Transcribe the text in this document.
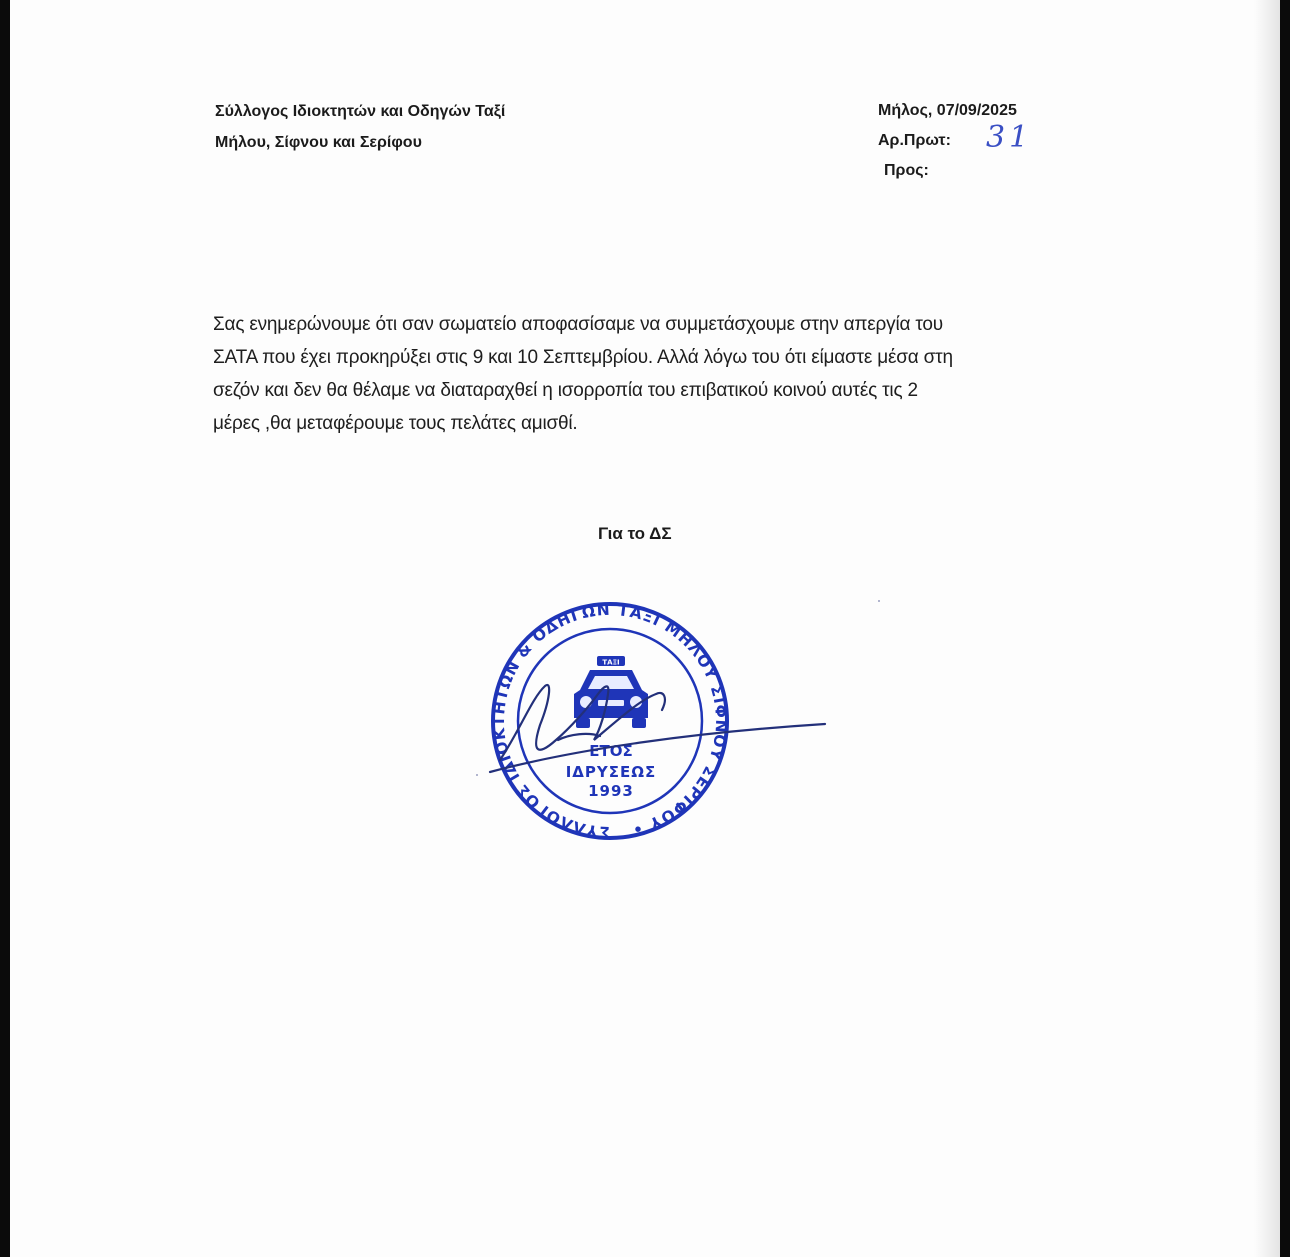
Σύλλογος Ιδιοκτητών και Οδηγών Ταξί
Μήλου, Σίφνου και Σερίφου
Μήλος, 07/09/2025
Αρ.Πρωτ: 31
Προς:
Σας ενημερώνουμε ότι σαν σωματείο αποφασίσαμε να συμμετάσχουμε στην απεργία του
ΣΑΤΑ που έχει προκηρύξει στις 9 και 10 Σεπτεμβρίου. Αλλά λόγω του ότι είμαστε μέσα στη
σεζόν και δεν θα θέλαμε να διαταραχθεί η ισορροπία του επιβατικού κοινού αυτές τις 2
μέρες ,θα μεταφέρουμε τους πελάτες αμισθί.
Για το ΔΣ
ΣΥΛΛΟΓΟΣ ΙΔΙΟΚΤΗΤΩΝ & ΟΔΗΓΩΝ ΤΑΞΙ ΜΗΛΟΥ ΣΙΦΝΟΥ ΣΕΡΙΦΟΥ •
ΤΑΞΙ
ΕΤΟΣ
ΙΔΡΥΣΕΩΣ
1993
